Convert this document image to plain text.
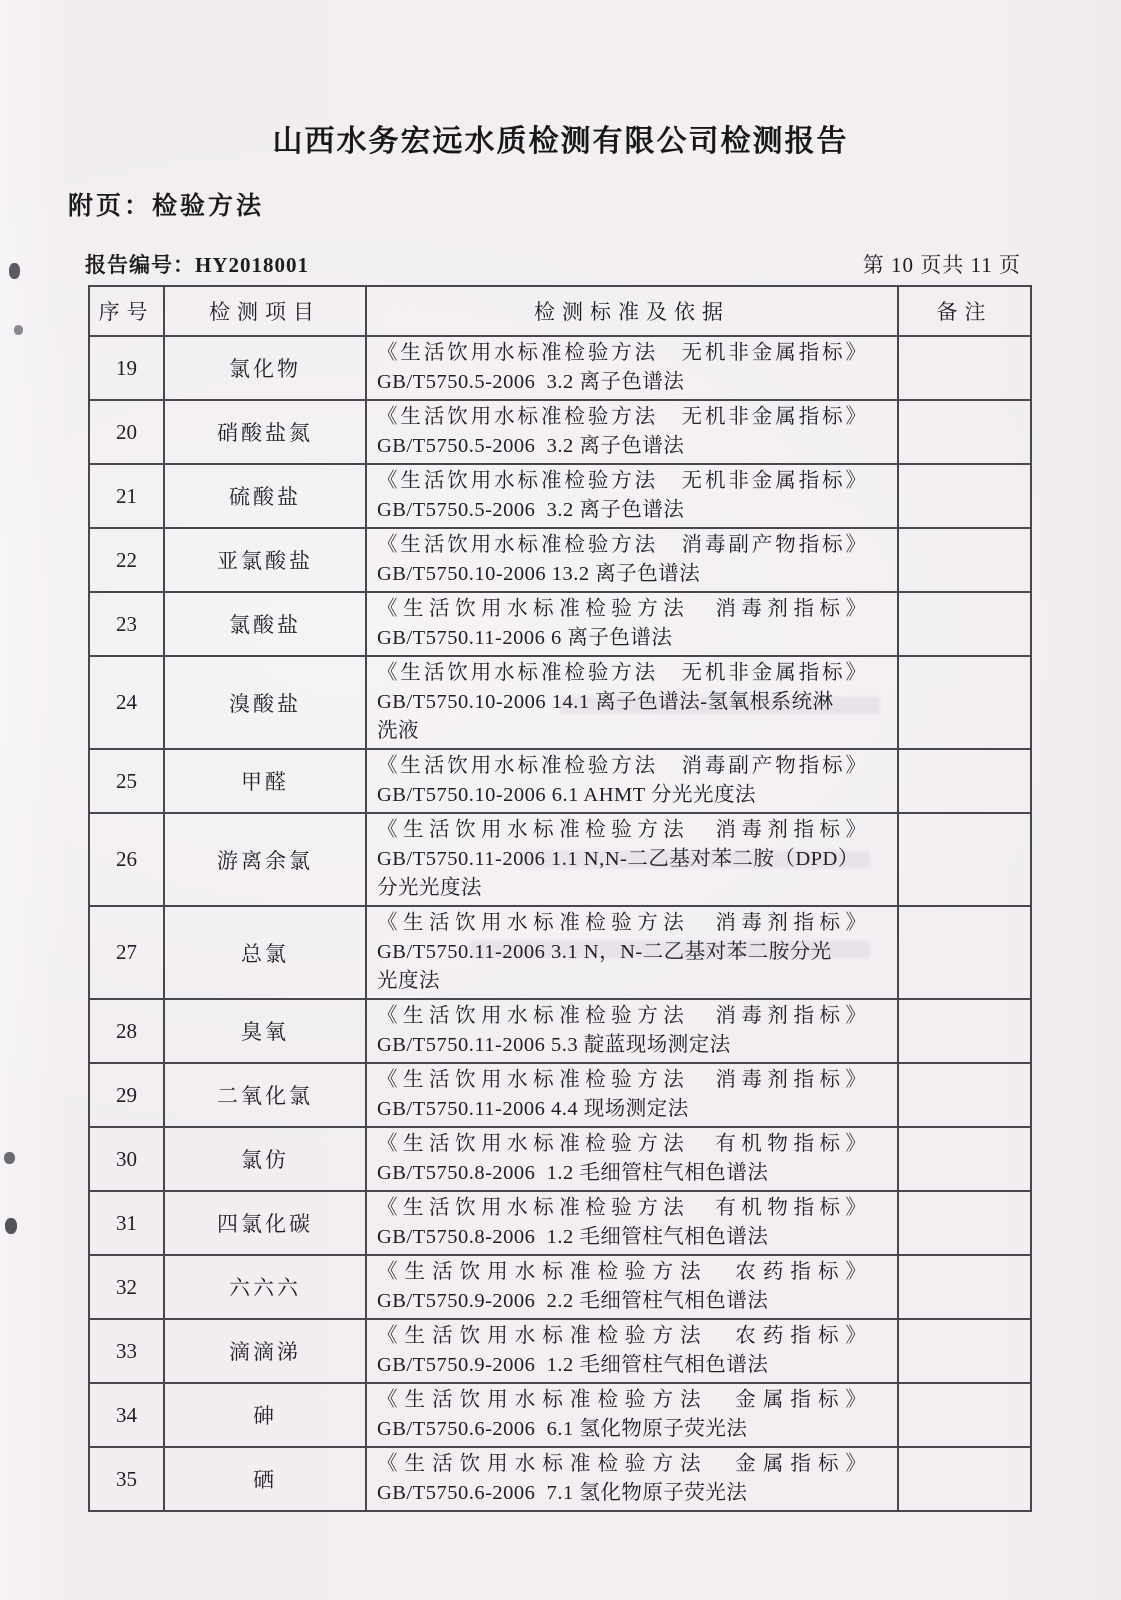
山西水务宏远水质检测有限公司检测报告
附页：检验方法
报告编号：HY2018001	第 10 页共 11 页
序号	检测项目	检测标准及依据	备注
19	氯化物	《生活饮用水标准检验方法　无机非金属指标》
GB/T5750.5-2006  3.2 离子色谱法	

20	硝酸盐氮	《生活饮用水标准检验方法　无机非金属指标》
GB/T5750.5-2006  3.2 离子色谱法	

21	硫酸盐	《生活饮用水标准检验方法　无机非金属指标》
GB/T5750.5-2006  3.2 离子色谱法	

22	亚氯酸盐	《生活饮用水标准检验方法　消毒副产物指标》
GB/T5750.10-2006 13.2 离子色谱法	

23	氯酸盐	《生活饮用水标准检验方法　消毒剂指标》
GB/T5750.11-2006 6 离子色谱法	

24	溴酸盐	《生活饮用水标准检验方法　无机非金属指标》
GB/T5750.10-2006 14.1 离子色谱法-氢氧根系统淋
洗液	

25	甲醛	《生活饮用水标准检验方法　消毒副产物指标》
GB/T5750.10-2006 6.1 AHMT 分光光度法	

26	游离余氯	《生活饮用水标准检验方法　消毒剂指标》
GB/T5750.11-2006 1.1 N,N-二乙基对苯二胺（DPD）
分光光度法	

27	总氯	《生活饮用水标准检验方法　消毒剂指标》
GB/T5750.11-2006 3.1 N，N-二乙基对苯二胺分光
光度法	

28	臭氧	《生活饮用水标准检验方法　消毒剂指标》
GB/T5750.11-2006 5.3 靛蓝现场测定法	

29	二氧化氯	《生活饮用水标准检验方法　消毒剂指标》
GB/T5750.11-2006 4.4 现场测定法	

30	氯仿	《生活饮用水标准检验方法　有机物指标》
GB/T5750.8-2006  1.2 毛细管柱气相色谱法	

31	四氯化碳	《生活饮用水标准检验方法　有机物指标》
GB/T5750.8-2006  1.2 毛细管柱气相色谱法	

32	六六六	《生活饮用水标准检验方法　农药指标》
GB/T5750.9-2006  2.2 毛细管柱气相色谱法	

33	滴滴涕	《生活饮用水标准检验方法　农药指标》
GB/T5750.9-2006  1.2 毛细管柱气相色谱法	

34	砷	《生活饮用水标准检验方法　金属指标》
GB/T5750.6-2006  6.1 氢化物原子荧光法	

35	硒	《生活饮用水标准检验方法　金属指标》
GB/T5750.6-2006  7.1 氢化物原子荧光法	
